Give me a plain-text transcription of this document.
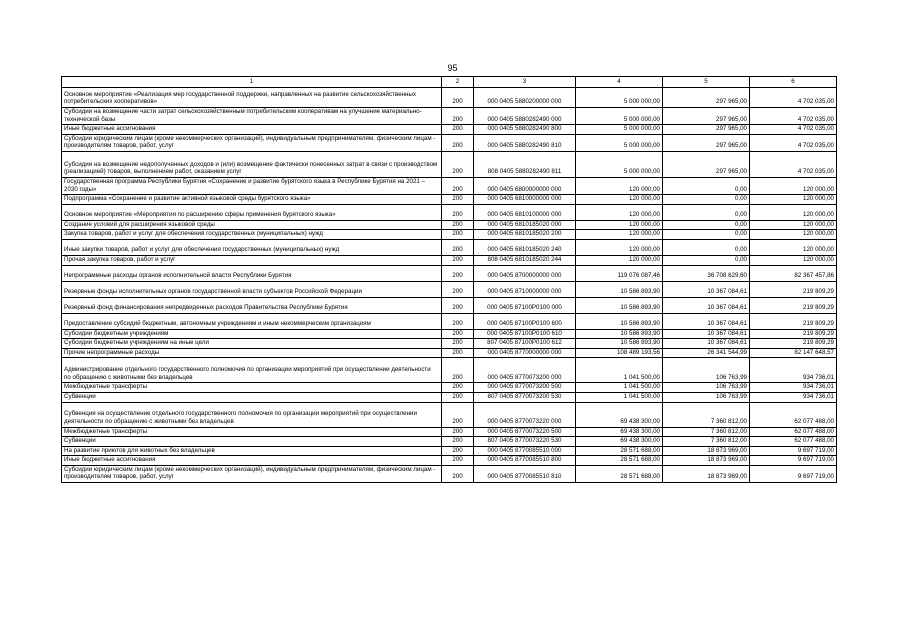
95
1	2	3	4	5	6
Основное мероприятие «Реализация мер государственной поддержки, направленных на развитие сельскохозяйственных потребительских кооперативов»	200	000 0405 5880200000 000	5 000 000,00	297 965,00	4 702 035,00
Субсидии на возмещение части затрат сельскохозяйственным потребительским кооперативам на улучшение материально-технической базы	200	000 0405 5880282490 000	5 000 000,00	297 965,00	4 702 035,00
Иные бюджетные ассигнования	200	000 0405 5880282490 800	5 000 000,00	297 965,00	4 702 035,00
Субсидии юридическим лицам (кроме некоммерческих организаций), индивидуальным предпринимателям, физическим лицам - производителям товаров, работ, услуг	200	000 0405 5880282490 810	5 000 000,00	297 965,00	4 702 035,00
Субсидии на возмещение недополученных доходов и (или) возмещение фактически понесенных затрат в связи с производством (реализацией) товаров, выполнением работ, оказанием услуг	200	808 0405 5880282490 811	5 000 000,00	297 965,00	4 702 035,00
Государственная программа Республики Бурятия «Сохранение и развитие бурятского языка в Республике Бурятия на 2021 – 2030 годы»	200	000 0405 6800000000 000	120 000,00	0,00	120 000,00
Подпрограмма «Сохранение и развитие активной языковой среды бурятского языка»	200	000 0405 6810000000 000	120 000,00	0,00	120 000,00
Основное мероприятие «Мероприятия по расширению сферы применения бурятского языка»	200	000 0405 6810100000 000	120 000,00	0,00	120 000,00
Создание условий для расширения языковой среды	200	000 0405 6810185020 000	120 000,00	0,00	120 000,00
Закупка товаров, работ и услуг для обеспечения государственных (муниципальных) нужд	200	000 0405 6810185020 200	120 000,00	0,00	120 000,00
Иные закупки товаров, работ и услуг для обеспечения государственных (муниципальных) нужд	200	000 0405 6810185020 240	120 000,00	0,00	120 000,00
Прочая закупка товаров, работ и услуг	200	808 0405 6810185020 244	120 000,00	0,00	120 000,00
Непрограммные расходы органов исполнительной власти Республики Бурятия	200	000 0405 8700000000 000	119 076 087,46	36 708 629,60	82 367 457,86
Резервные фонды исполнительных органов государственной власти субъектов Российской Федерации	200	000 0405 8710000000 000	10 586 893,90	10 367 084,61	219 809,29
Резервный фонд финансирования непредвиденных расходов Правительства Республики Бурятия	200	000 0405 87100P0100 000	10 586 893,90	10 367 084,61	219 809,29
Предоставление субсидий бюджетным, автономным учреждениям и иным некоммерческим организациям	200	000 0405 87100P0100 600	10 586 893,90	10 367 084,61	219 809,29
Субсидии бюджетным учреждениям	200	000 0405 87100P0100 610	10 586 893,90	10 367 084,61	219 809,29
Субсидии бюджетным учреждениям на иные цели	200	807 0405 87100P0100 612	10 586 893,90	10 367 084,61	219 809,29
Прочие непрограммные расходы	200	000 0405 8770000000 000	108 489 193,56	26 341 544,99	82 147 648,57
Администрирование отдельного государственного полномочия по организации мероприятий при осуществлении деятельности по обращению с животными без владельцев	200	000 0405 8770073200 000	1 041 500,00	106 763,99	934 736,01
Межбюджетные трансферты	200	000 0405 8770073200 500	1 041 500,00	106 763,99	934 736,01
Субвенции	200	807 0405 8770073200 530	1 041 500,00	106 763,99	934 736,01
Субвенция на осуществление отдельного государственного полномочия по организации мероприятий при осуществлении деятельности по обращению с животными без владельцев	200	000 0405 8770073220 000	69 438 300,00	7 360 812,00	62 077 488,00
Межбюджетные трансферты	200	000 0405 8770073220 500	69 438 300,00	7 360 812,00	62 077 488,00
Субвенции	200	807 0405 8770073220 530	69 438 300,00	7 360 812,00	62 077 488,00
На развитие приютов для животных без владельцев	200	000 0405 8770085510 000	28 571 688,00	18 873 969,00	9 697 719,00
Иные бюджетные ассигнования	200	000 0405 8770085510 800	28 571 688,00	18 873 969,00	9 697 719,00
Субсидии юридическим лицам (кроме некоммерческих организаций), индивидуальным предпринимателям, физическим лицам - производителям товаров, работ, услуг	200	000 0405 8770085510 810	28 571 688,00	18 873 969,00	9 697 719,00
